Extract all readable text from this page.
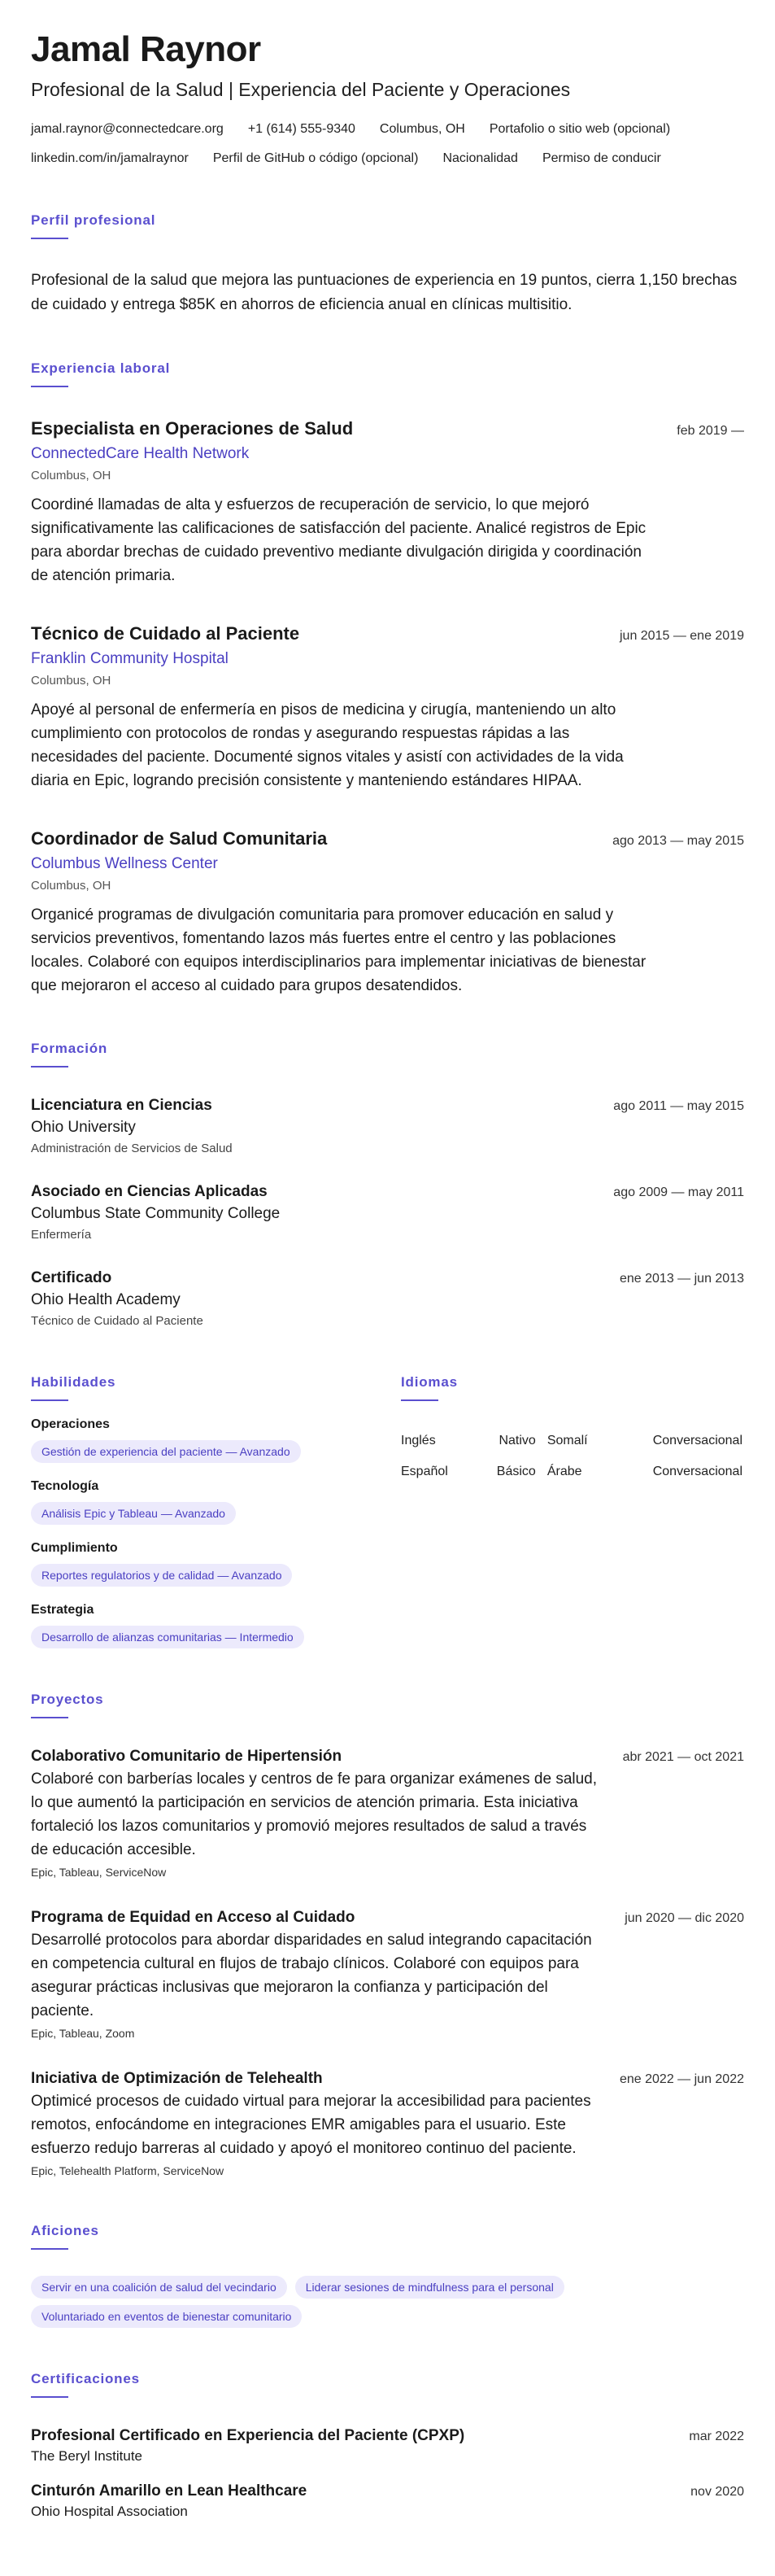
Jamal Raynor
Profesional de la Salud | Experiencia del Paciente y Operaciones
jamal.raynor@connectedcare.org +1 (614) 555-9340 Columbus, OH Portafolio o sitio web (opcional)
linkedin.com/in/jamalraynor Perfil de GitHub o código (opcional) Nacionalidad Permiso de conducir
Perfil profesional
Profesional de la salud que mejora las puntuaciones de experiencia en 19 puntos, cierra 1,150 brechas de cuidado y entrega $85K en ahorros de eficiencia anual en clínicas multisitio.
Experiencia laboral
Especialista en Operaciones de Salud	feb 2019 —
ConnectedCare Health Network
Columbus, OH
Coordiné llamadas de alta y esfuerzos de recuperación de servicio, lo que mejoró significativamente las calificaciones de satisfacción del paciente. Analicé registros de Epic para abordar brechas de cuidado preventivo mediante divulgación dirigida y coordinación de atención primaria.
Técnico de Cuidado al Paciente	jun 2015 — ene 2019
Franklin Community Hospital
Columbus, OH
Apoyé al personal de enfermería en pisos de medicina y cirugía, manteniendo un alto cumplimiento con protocolos de rondas y asegurando respuestas rápidas a las necesidades del paciente. Documenté signos vitales y asistí con actividades de la vida diaria en Epic, logrando precisión consistente y manteniendo estándares HIPAA.
Coordinador de Salud Comunitaria	ago 2013 — may 2015
Columbus Wellness Center
Columbus, OH
Organicé programas de divulgación comunitaria para promover educación en salud y servicios preventivos, fomentando lazos más fuertes entre el centro y las poblaciones locales. Colaboré con equipos interdisciplinarios para implementar iniciativas de bienestar que mejoraron el acceso al cuidado para grupos desatendidos.
Formación
Licenciatura en Ciencias	ago 2011 — may 2015
Ohio University
Administración de Servicios de Salud
Asociado en Ciencias Aplicadas	ago 2009 — may 2011
Columbus State Community College
Enfermería
Certificado	ene 2013 — jun 2013
Ohio Health Academy
Técnico de Cuidado al Paciente
Habilidades
Operaciones
Gestión de experiencia del paciente — Avanzado
Tecnología
Análisis Epic y Tableau — Avanzado
Cumplimiento
Reportes regulatorios y de calidad — Avanzado
Estrategia
Desarrollo de alianzas comunitarias — Intermedio
Idiomas
Inglés	Nativo	Somalí	Conversacional
Español	Básico	Árabe	Conversacional
Proyectos
Colaborativo Comunitario de Hipertensión	abr 2021 — oct 2021
Colaboré con barberías locales y centros de fe para organizar exámenes de salud, lo que aumentó la participación en servicios de atención primaria. Esta iniciativa fortaleció los lazos comunitarios y promovió mejores resultados de salud a través de educación accesible.
Epic, Tableau, ServiceNow
Programa de Equidad en Acceso al Cuidado	jun 2020 — dic 2020
Desarrollé protocolos para abordar disparidades en salud integrando capacitación en competencia cultural en flujos de trabajo clínicos. Colaboré con equipos para asegurar prácticas inclusivas que mejoraron la confianza y participación del paciente.
Epic, Tableau, Zoom
Iniciativa de Optimización de Telehealth	ene 2022 — jun 2022
Optimicé procesos de cuidado virtual para mejorar la accesibilidad para pacientes remotos, enfocándome en integraciones EMR amigables para el usuario. Este esfuerzo redujo barreras al cuidado y apoyó el monitoreo continuo del paciente.
Epic, Telehealth Platform, ServiceNow
Aficiones
Servir en una coalición de salud del vecindario	Liderar sesiones de mindfulness para el personalVoluntariado en eventos de bienestar comunitario
Certificaciones
Profesional Certificado en Experiencia del Paciente (CPXP)	mar 2022
The Beryl Institute
Cinturón Amarillo en Lean Healthcare	nov 2020
Ohio Hospital Association
